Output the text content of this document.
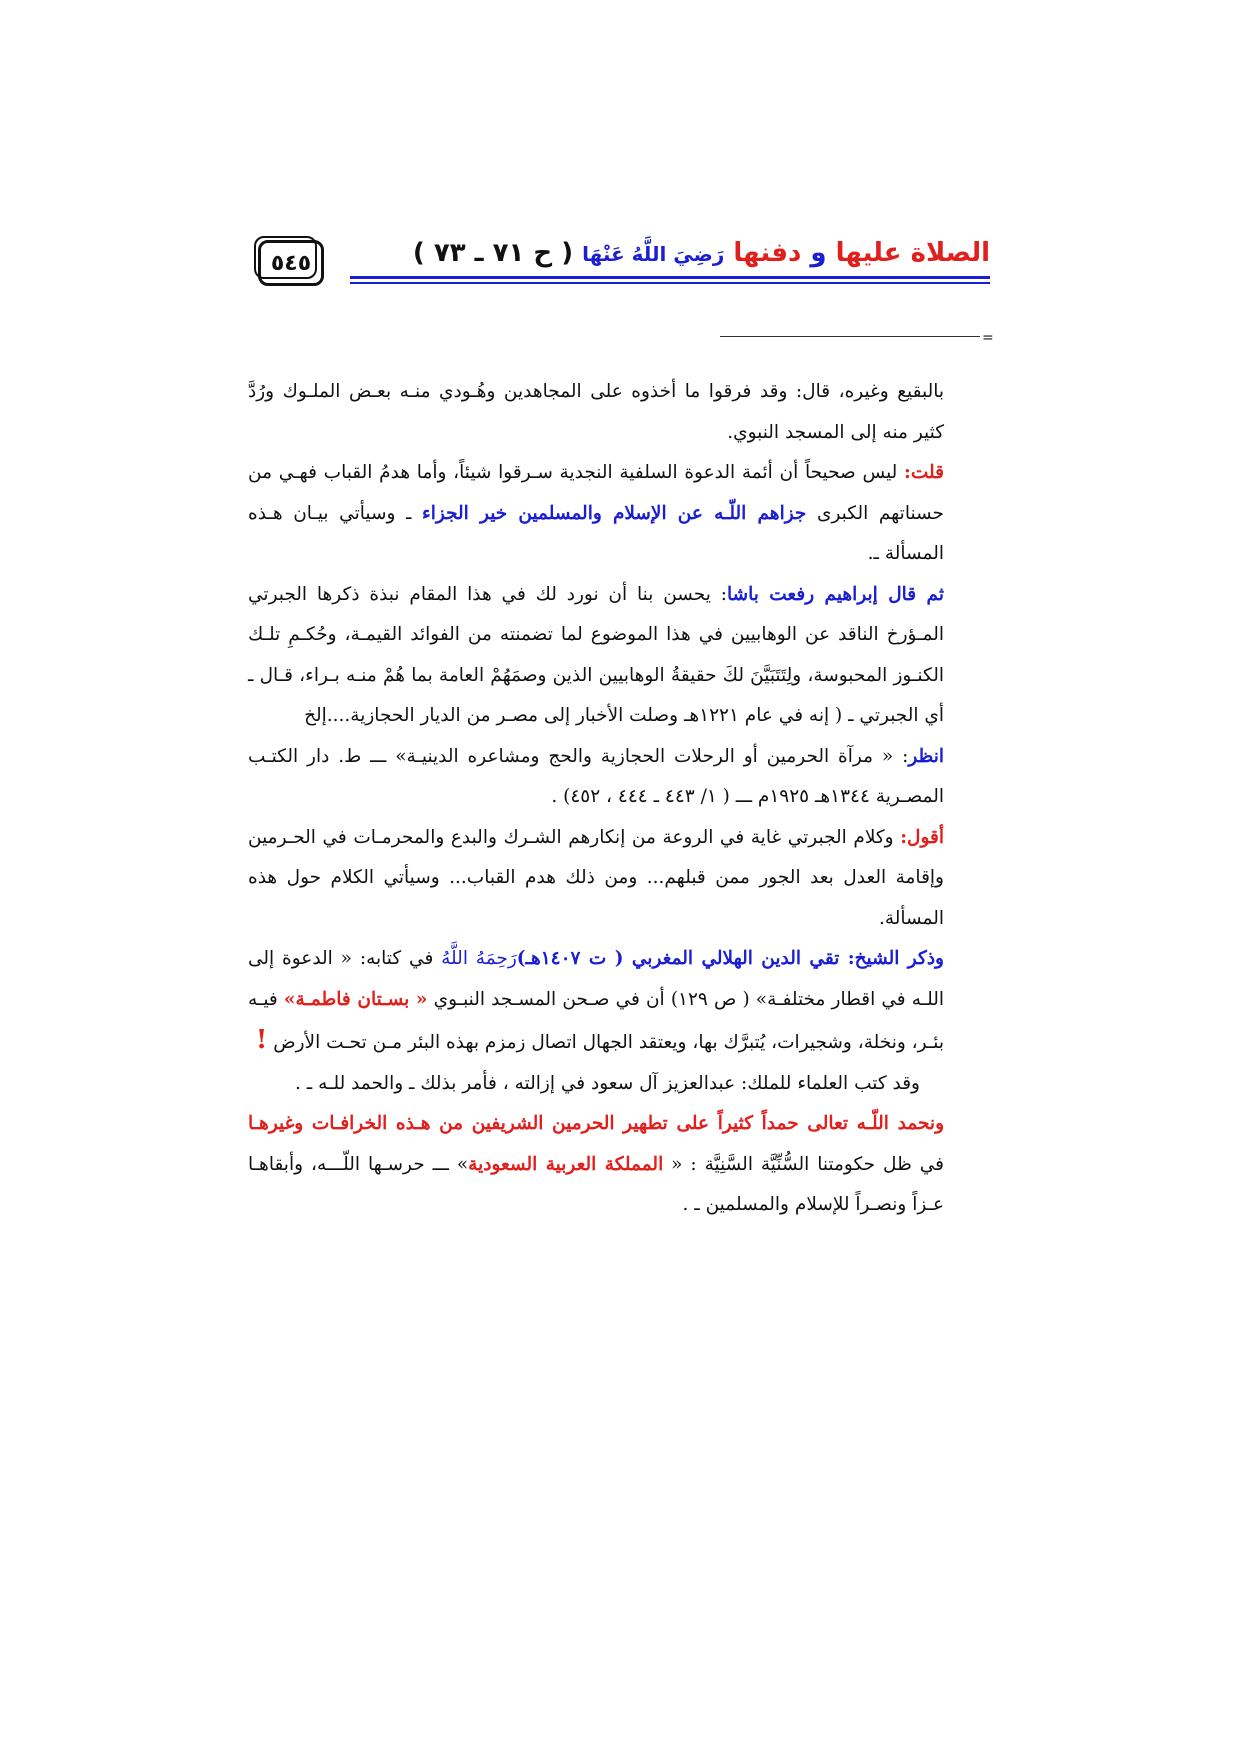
٥٤٥	الصلاة عليها و دفنها رَضِيَ اللَّهُ عَنْهَا ( ح ٧١ ـ ٧٣ )
=

بالبقيع وغيره، قال: وقد فرقوا ما أخذوه على المجاهدين وهُـودي منـه بعـض الملـوك ورُدَّ كثير منه إلى المسجد النبوي.

قلت: ليس صحيحاً أن أئمة الدعوة السلفية النجدية سـرقوا شيئاً، وأما هدمُ القباب فهـي من حسناتهم الكبرى جزاهم اللّـه عن الإسلام والمسلمين خير الجزاء ـ وسيأتي بيـان هـذه المسألة ـ.

ثم قال إبراهيم رفعت باشا: يحسن بنا أن نورد لك في هذا المقام نبذة ذكرها الجبرتي المـؤرخ الناقد عن الوهابيين في هذا الموضوع لما تضمنته من الفوائد القيمـة، وحُكـمِ تلـك الكنـوز المحبوسة، ولِتَتَبَيَّنَ لكَ حقيقةُ الوهابيين الذين وصمَهُمْ العامة بما هُمْ منـه بـراء، قـال ـ أي الجبرتي ـ ( إنه في عام ١٢٢١هـ وصلت الأخبار إلى مصـر من الديار الحجازية....إلخ

انظر: « مرآة الحرمين أو الرحلات الحجازية والحج ومشاعره الدينيـة» ـــ ط. دار الكتـب المصـرية ١٣٤٤هـ ١٩٢٥م ـــ ( ١/ ٤٤٣ ـ ٤٤٤ ، ٤٥٢) .

أقول: وكلام الجبرتي غاية في الروعة من إنكارهم الشـرك والبدع والمحرمـات في الحـرمين وإقامة العدل بعد الجور ممن قبلهم... ومن ذلك هدم القباب... وسيأتي الكلام حول هذه المسألة.

وذكر الشيخ: تقي الدين الهلالي المغربي ( ت ١٤٠٧هـ)رَحِمَهُ اللَّهُ في كتابه: « الدعوة إلى اللـه في اقطار مختلفـة» ( ص ١٢٩) أن في صـحن المسـجد النبـوي « بسـتان فاطمـة» فيـه بئـر، ونخلة، وشجيرات، يُتبرَّك بها، ويعتقد الجهال اتصال زمزم بهذه البئر مـن تحـت الأرض !

وقد كتب العلماء للملك: عبدالعزيز آل سعود في إزالته ، فأمر بذلك ـ والحمد للـه ـ .

ونحمد اللّـه تعالى حمداً كثيراً على تطهير الحرمين الشريفين من هـذه الخرافـات وغيرهـا في ظل حكومتنا السُّنِّيَّة السَّنِيَّة : « المملكة العربية السعودية» ـــ حرسـها اللّـــه، وأبقاهـا عـزاً ونصـراً للإسلام والمسلمين ـ .
